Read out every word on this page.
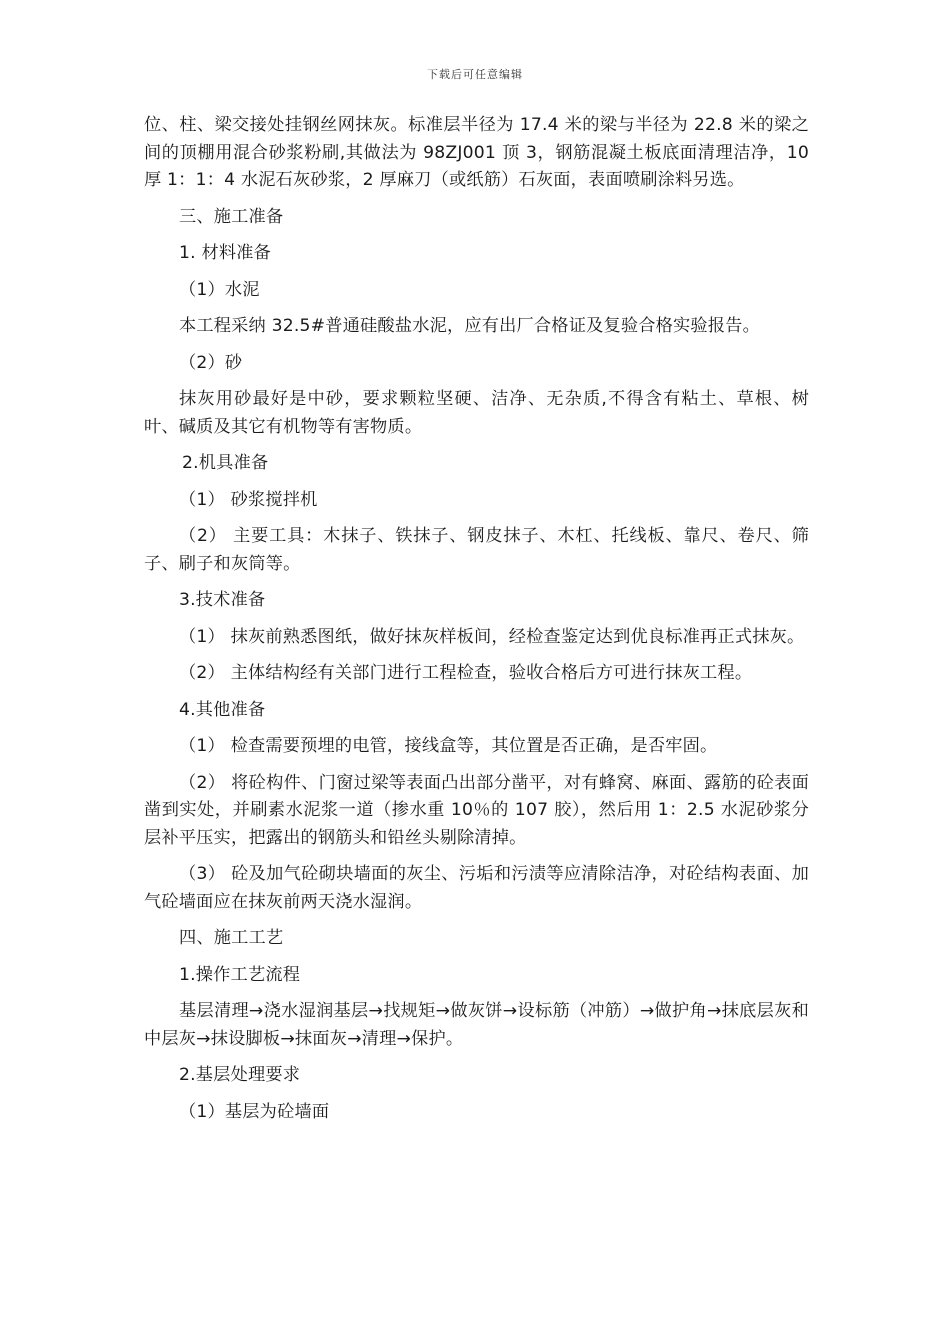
下载后可任意编辑

位、柱、梁交接处挂钢丝网抹灰。标准层半径为 17.4 米的梁与半径为 22.8 米的梁之间的顶棚用混合砂浆粉刷,其做法为 98ZJ001 顶 3，钢筋混凝土板底面清理洁净，10 厚 1：1：4 水泥石灰砂浆，2 厚麻刀（或纸筋）石灰面，表面喷刷涂料另选。

三、施工准备

1. 材料准备

（1）水泥

本工程采纳 32.5#普通硅酸盐水泥，应有出厂合格证及复验合格实验报告。

（2）砂

抹灰用砂最好是中砂，要求颗粒坚硬、洁净、无杂质,不得含有粘土、草根、树叶、碱质及其它有机物等有害物质。

2.机具准备

（1） 砂浆搅拌机

（2） 主要工具：木抹子、铁抹子、钢皮抹子、木杠、托线板、靠尺、卷尺、筛子、刷子和灰筒等。

3.技术准备

（1） 抹灰前熟悉图纸，做好抹灰样板间，经检查鉴定达到优良标准再正式抹灰。

（2） 主体结构经有关部门进行工程检查，验收合格后方可进行抹灰工程。

4.其他准备

（1） 检查需要预埋的电管，接线盒等，其位置是否正确，是否牢固。

（2） 将砼构件、门窗过梁等表面凸出部分凿平，对有蜂窝、麻面、露筋的砼表面凿到实处，并刷素水泥浆一道（掺水重 10％的 107 胶），然后用 1：2.5 水泥砂浆分层补平压实，把露出的钢筋头和铅丝头剔除清掉。

（3） 砼及加气砼砌块墙面的灰尘、污垢和污渍等应清除洁净，对砼结构表面、加气砼墙面应在抹灰前两天浇水湿润。

四、施工工艺

1.操作工艺流程

基层清理→浇水湿润基层→找规矩→做灰饼→设标筋（冲筋）→做护角→抹底层灰和中层灰→抹设脚板→抹面灰→清理→保护。

2.基层处理要求

（1）基层为砼墙面
